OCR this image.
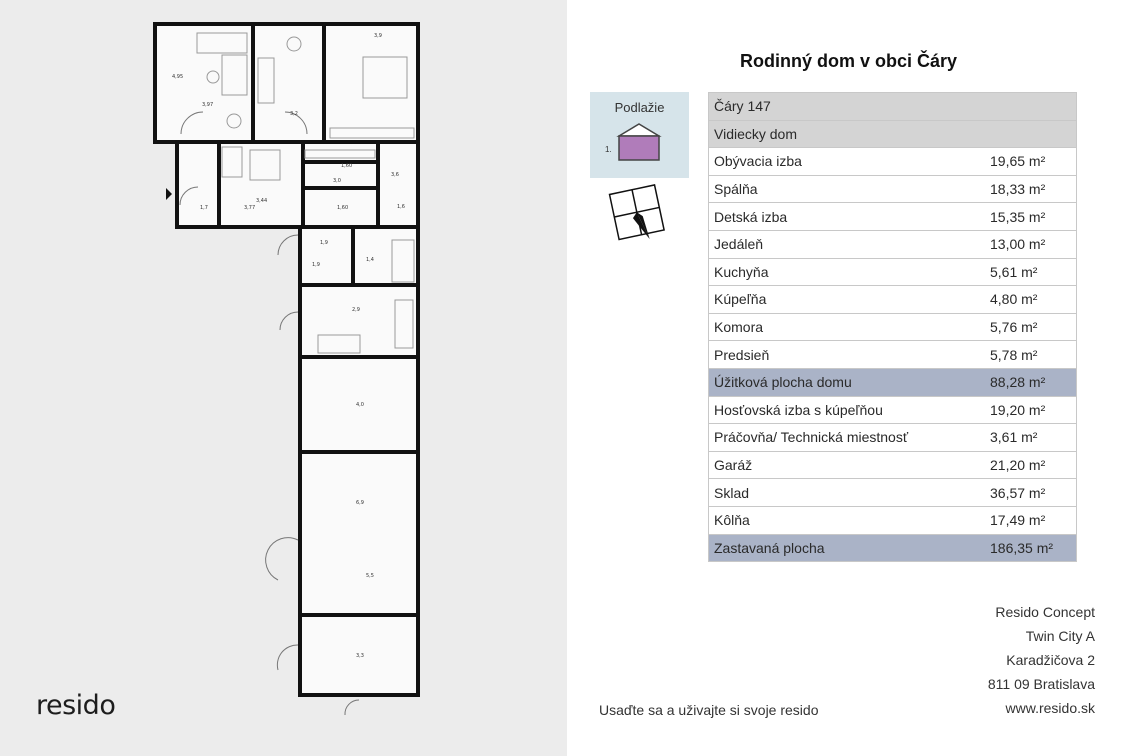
4,95
3,97
3,2
3,9
1,7
3,44
3,77
1,60
3,0
1,60
3,6
1,6
1,9
1,9
1,4
2,9
4,0
6,9
5,5
3,3
resido
Rodinný dom v obci Čáry
Podlažie
1.
Čáry 147	
Vidiecky dom	
Obývacia izba	19,65 m²
Spálňa	18,33 m²
Detská izba	15,35 m²
Jedáleň	13,00 m²
Kuchyňa	5,61 m²
Kúpeľňa	4,80 m²
Komora	5,76 m²
Predsieň	5,78 m²
Úžitková plocha domu	88,28 m²
Hosťovská izba s kúpeľňou	19,20 m²
Práčovňa/ Technická miestnosť	3,61 m²
Garáž	21,20 m²
Sklad	36,57 m²
Kôlňa	17,49 m²
Zastavaná plocha	186,35 m²
Usaďte sa a uživajte si svoje resido
Resido Concept
Twin City A
Karadžičova 2
811 09 Bratislava
www.resido.sk
